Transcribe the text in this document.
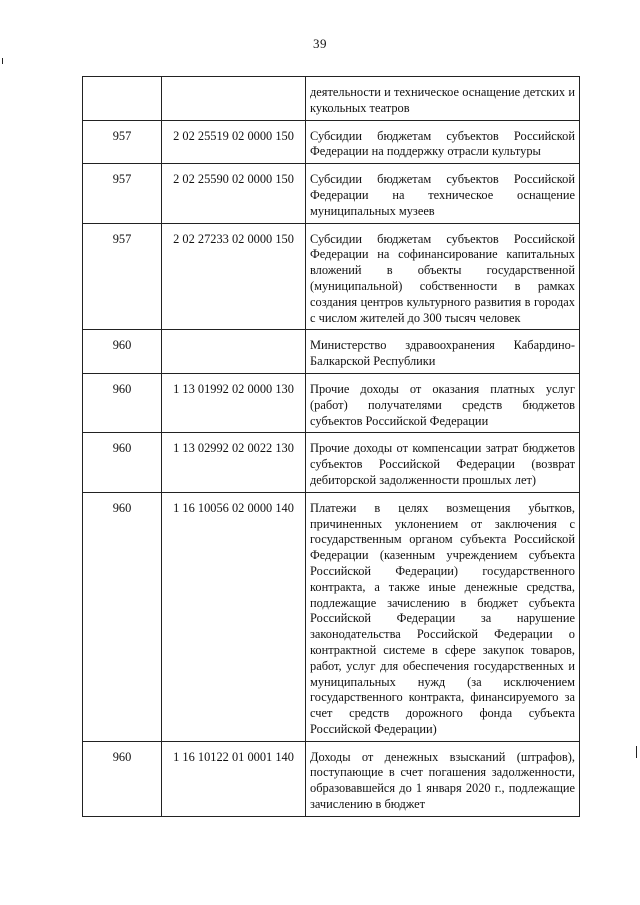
39
		деятельности и техническое оснащение детских и кукольных театров
957	2 02 25519 02 0000 150	Субсидии бюджетам субъектов Российской Федерации на поддержку отрасли культуры
957	2 02 25590 02 0000 150	Субсидии бюджетам субъектов Российской Федерации на техническое оснащение муниципальных музеев
957	2 02 27233 02 0000 150	Субсидии бюджетам субъектов Российской Федерации на софинансирование капитальных вложений в объекты государственной (муниципальной) собственности в рамках создания центров культурного развития в городах с числом жителей до 300 тысяч человек
960		Министерство здравоохранения Кабардино-Балкарской Республики
960	1 13 01992 02 0000 130	Прочие доходы от оказания платных услуг (работ) получателями средств бюджетов субъектов Российской Федерации
960	1 13 02992 02 0022 130	Прочие доходы от компенсации затрат бюджетов субъектов Российской Федерации (возврат дебиторской задолженности прошлых лет)
960	1 16 10056 02 0000 140	Платежи в целях возмещения убытков, причиненных уклонением от заключения с государственным органом субъекта Российской Федерации (казенным учреждением субъекта Российской Федерации) государственного контракта, а также иные денежные средства, подлежащие зачислению в бюджет субъекта Российской Федерации за нарушение законодательства Российской Федерации о контрактной системе в сфере закупок товаров, работ, услуг для обеспечения государственных и муниципальных нужд (за исключением государственного контракта, финансируемого за счет средств дорожного фонда субъекта Российской Федерации)
960	1 16 10122 01 0001 140	Доходы от денежных взысканий (штрафов), поступающие в счет погашения задолженности, образовавшейся до 1 января 2020 г., подлежащие зачислению в бюджет
